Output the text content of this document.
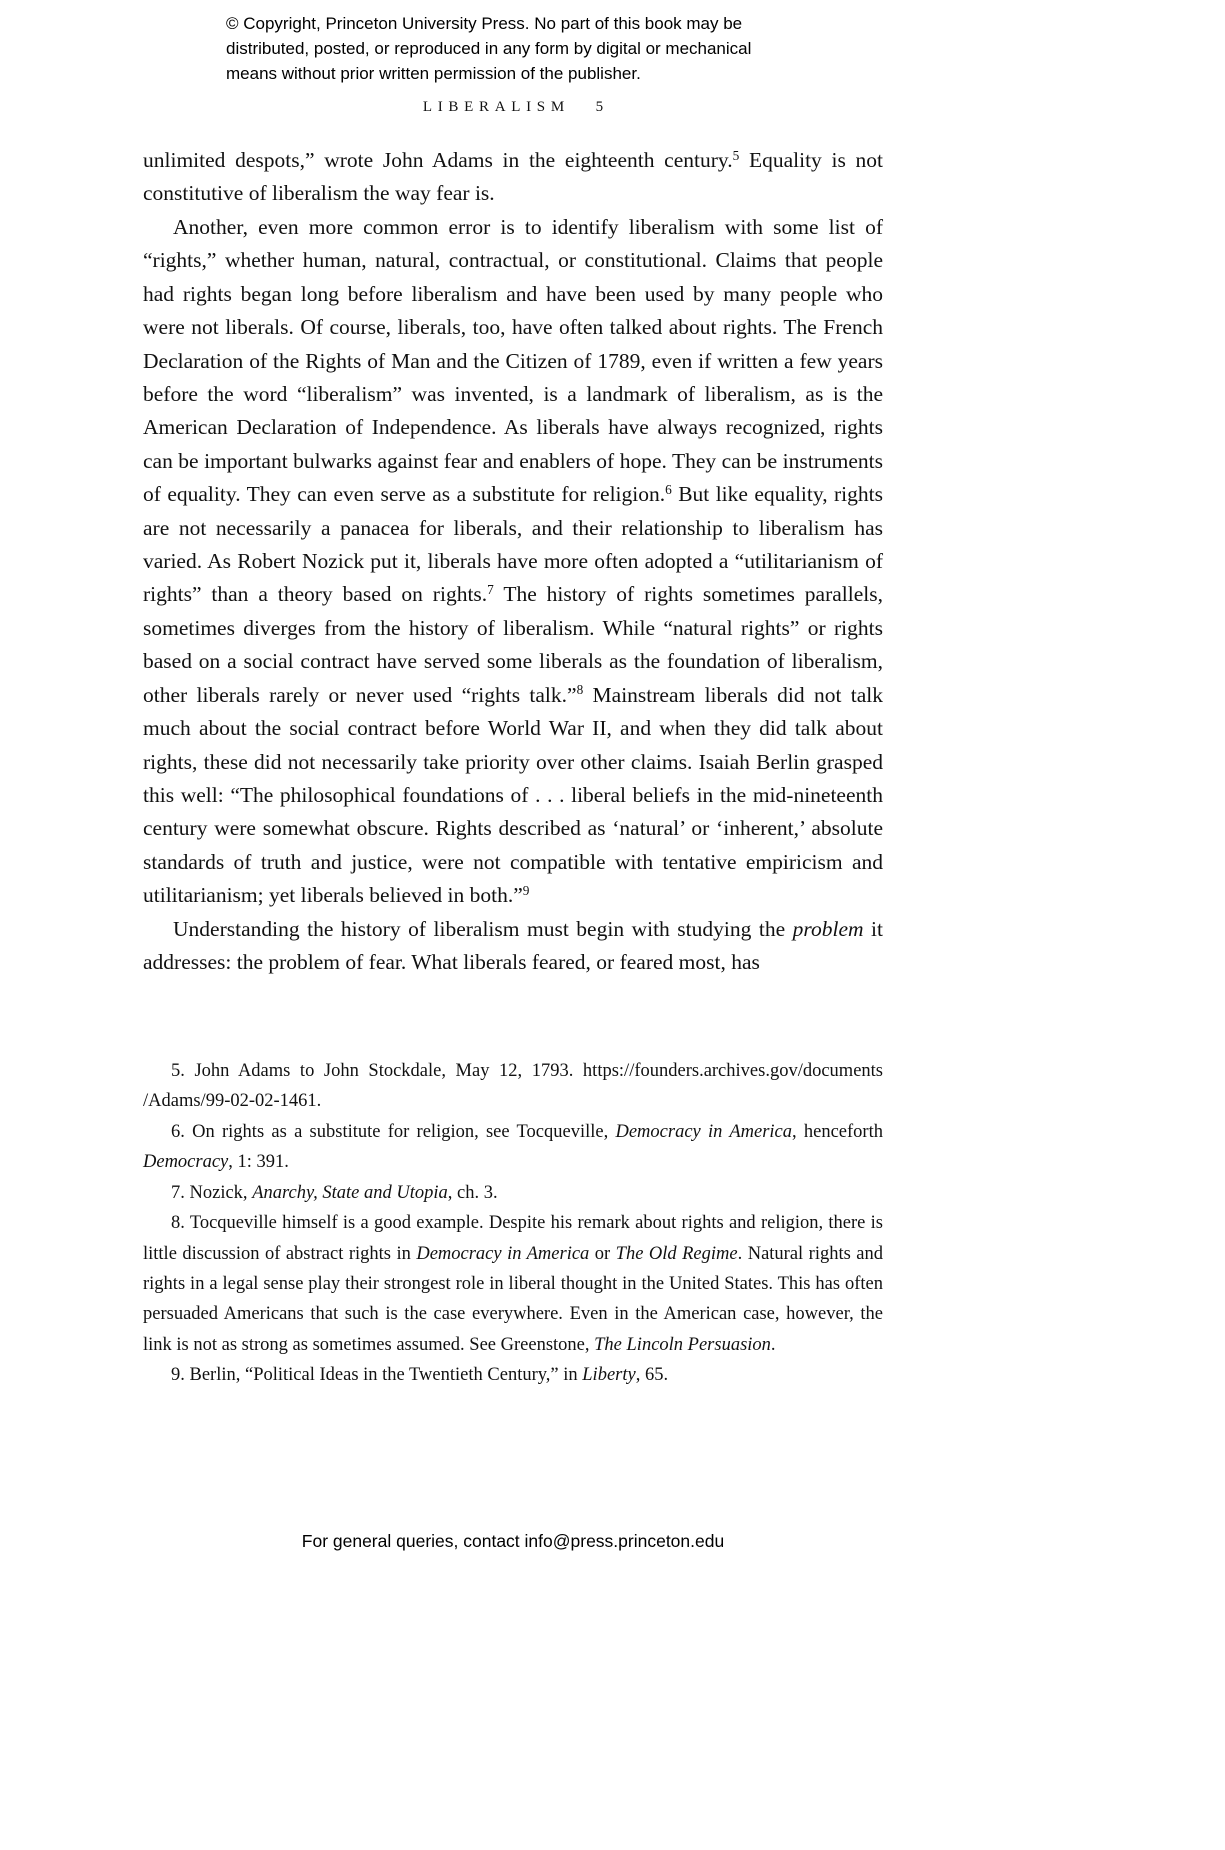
© Copyright, Princeton University Press. No part of this book may be
distributed, posted, or reproduced in any form by digital or mechanical
means without prior written permission of the publisher.
LIBERALISM 5

unlimited despots,” wrote John Adams in the eighteenth century.$^5$ Equality is not constitutive of liberalism the way fear is.

Another, even more common error is to identify liberalism with some list of “rights,” whether human, natural, contractual, or constitutional. Claims that people had rights began long before liberalism and have been used by many people who were not liberals. Of course, liberals, too, have often talked about rights. The French Declaration of the Rights of Man and the Citizen of 1789, even if written a few years before the word “liberalism” was invented, is a landmark of liberalism, as is the American Declaration of Independence. As liberals have always recognized, rights can be important bulwarks against fear and enablers of hope. They can be instruments of equality. They can even serve as a substitute for religion.$^6$ But like equality, rights are not necessarily a panacea for liberals, and their relationship to liberalism has varied. As Robert Nozick put it, liberals have more often adopted a “utilitarianism of rights” than a theory based on rights.$^7$ The history of rights sometimes parallels, sometimes diverges from the history of liberalism. While “natural rights” or rights based on a social contract have served some liberals as the foundation of liberalism, other liberals rarely or never used “rights talk.”$^8$ Mainstream liberals did not talk much about the social contract before World War II, and when they did talk about rights, these did not necessarily take priority over other claims. Isaiah Berlin grasped this well: “The philosophical foundations of . . . liberal beliefs in the mid-nineteenth century were somewhat obscure. Rights described as ‘natural’ or ‘inherent,’ absolute standards of truth and justice, were not compatible with tentative empiricism and utilitarianism; yet liberals believed in both.”$^9$

Understanding the history of liberalism must begin with studying the problem it addresses: the problem of fear. What liberals feared, or feared most, has

5. John Adams to John Stockdale, May 12, 1793. https://founders.archives.gov/documents /Adams/99-02-02-1461.

6. On rights as a substitute for religion, see Tocqueville, Democracy in America, henceforth Democracy, 1: 391.

7. Nozick, Anarchy, State and Utopia, ch. 3.

8. Tocqueville himself is a good example. Despite his remark about rights and religion, there is little discussion of abstract rights in Democracy in America or The Old Regime. Natural rights and rights in a legal sense play their strongest role in liberal thought in the United States. This has often persuaded Americans that such is the case everywhere. Even in the American case, however, the link is not as strong as sometimes assumed. See Greenstone, The Lincoln Persuasion.

9. Berlin, “Political Ideas in the Twentieth Century,” in Liberty, 65.

For general queries, contact info@press.princeton.edu
